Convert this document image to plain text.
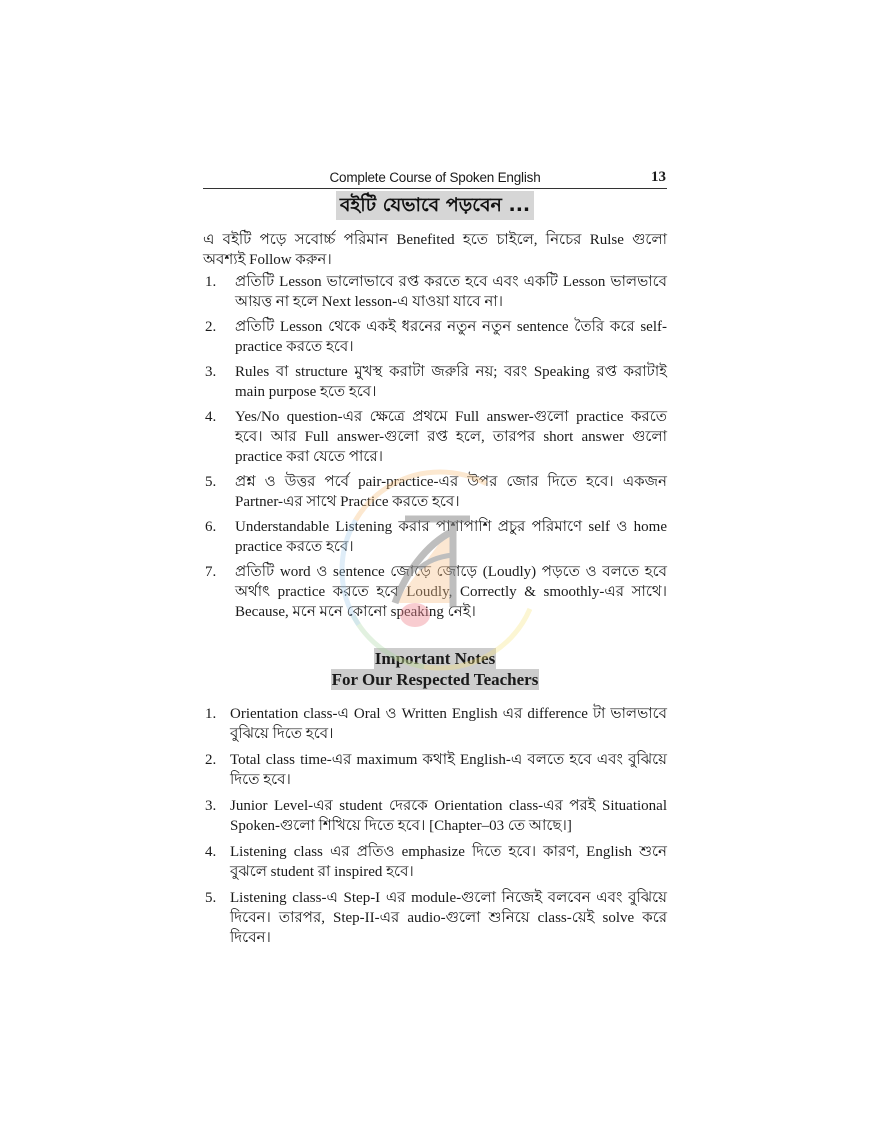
Complete Course of Spoken English	13
বইটি যেভাবে পড়বেন ...

এ বইটি পড়ে সবোর্চ্চ পরিমান Benefited হতে চাইলে, নিচের Rulse গুলো অবশ্যই Follow করুন।

1. প্রতিটি Lesson ভালোভাবে রপ্ত করতে হবে এবং একটি Lesson ভালভাবে আয়ত্ত না হলে Next lesson-এ যাওয়া যাবে না।
2. প্রতিটি Lesson থেকে একই ধরনের নতুন নতুন sentence তৈরি করে self-practice করতে হবে।
3. Rules বা structure মুখস্থ করাটা জরুরি নয়; বরং Speaking রপ্ত করাটাই main purpose হতে হবে।
4. Yes/No question-এর ক্ষেত্রে প্রথমে Full answer-গুলো practice করতে হবে। আর Full answer-গুলো রপ্ত হলে, তারপর short answer গুলো practice করা যেতে পারে।
5. প্রশ্ন ও উত্তর পর্বে pair-practice-এর উপর জোর দিতে হবে। একজন Partner-এর সাথে Practice করতে হবে।
6. Understandable Listening করার পাশাপাশি প্রচুর পরিমাণে self ও home practice করতে হবে।
7. প্রতিটি word ও sentence জোড়ে জোড়ে (Loudly) পড়তে ও বলতে হবে অর্থাৎ practice করতে হবে Loudly, Correctly & smoothly-এর সাথে। Because, মনে মনে কোনো speaking নেই।
Important Notes
For Our Respected Teachers
1. Orientation class-এ Oral ও Written English এর difference টা ভালভাবে বুঝিয়ে দিতে হবে।
2. Total class time-এর maximum কথাই English-এ বলতে হবে এবং বুঝিয়ে দিতে হবে।
3. Junior Level-এর student দেরকে Orientation class-এর পরই Situational Spoken-গুলো শিখিয়ে দিতে হবে। [Chapter–03 তে আছে।]
4. Listening class এর প্রতিও emphasize দিতে হবে। কারণ, English শুনে বুঝলে student রা inspired হবে।
5. Listening class-এ Step-I এর module-গুলো নিজেই বলবেন এবং বুঝিয়ে দিবেন। তারপর, Step-II-এর audio-গুলো শুনিয়ে class-য়েই solve করে দিবেন।
